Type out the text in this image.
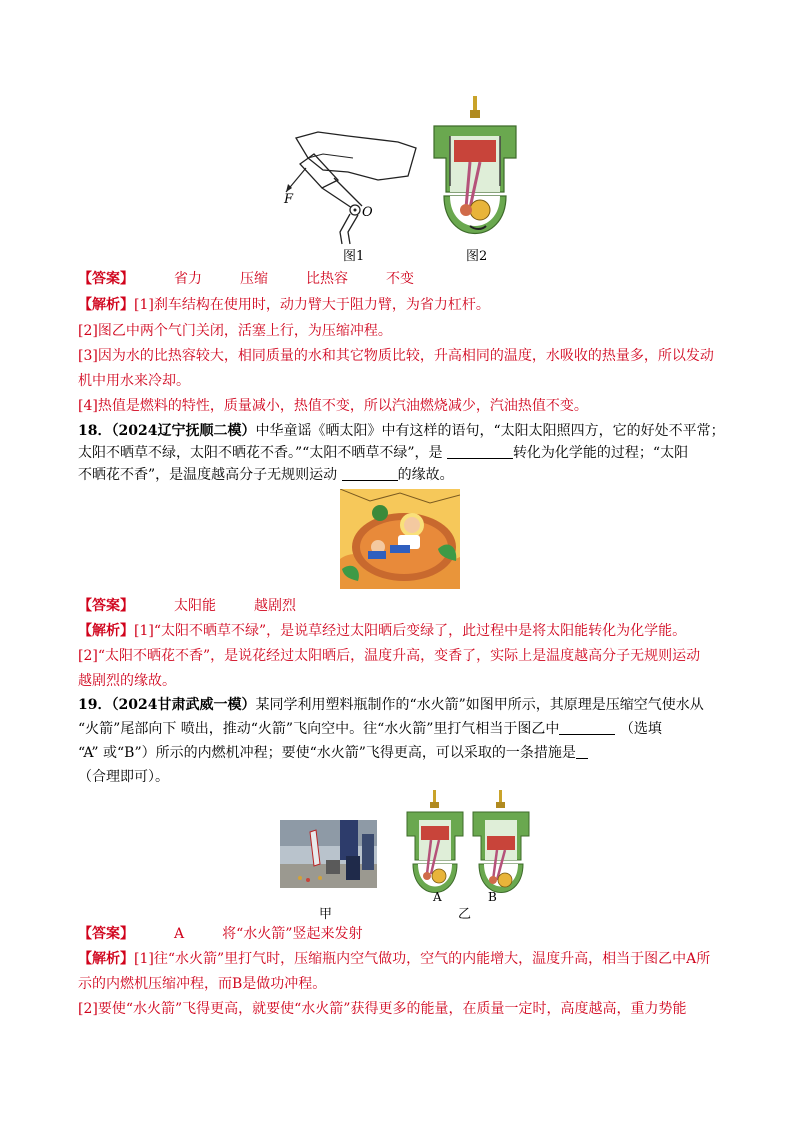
F
O
图1	图2
【答案】	省力	压缩	比热容	不变
【解析】[1]刹车结构在使用时，动力臂大于阻力臂，为省力杠杆。
[2]图乙中两个气门关闭，活塞上行，为压缩冲程。
[3]因为水的比热容较大，相同质量的水和其它物质比较，升高相同的温度，水吸收的热量多，所以发动
机中用水来冷却。
[4]热值是燃料的特性，质量减小，热值不变，所以汽油燃烧减少，汽油热值不变。
18．（2024辽宁抚顺二模）中华童谣《晒太阳》中有这样的语句，“太阳太阳照四方，它的好处不平常；
太阳不晒草不绿，太阳不晒花不香。”“太阳不晒草不绿”，是	转化为化学能的过程；“太阳
不晒花不香”，是温度越高分子无规则运动	的缘故。
【答案】	太阳能	越剧烈
【解析】[1]“太阳不晒草不绿”，是说草经过太阳晒后变绿了，此过程中是将太阳能转化为化学能。
[2]“太阳不晒花不香”，是说花经过太阳晒后，温度升高，变香了，实际上是温度越高分子无规则运动
越剧烈的缘故。
19．（2024甘肃武威一模）某同学利用塑料瓶制作的“水火箭”如图甲所示，其原理是压缩空气使水从
“火箭”尾部向下 喷出，推动“火箭”飞向空中。往“水火箭”里打气相当于图乙中	（选填
“A” 或“B”）所示的内燃机冲程；要使“水火箭”飞得更高，可以采取的一条措施是
（合理即可）。
甲
A	B
乙
【答案】	A	将“水火箭”竖起来发射
【解析】[1]往“水火箭”里打气时，压缩瓶内空气做功，空气的内能增大，温度升高，相当于图乙中A所
示的内燃机压缩冲程，而B是做功冲程。
[2]要使“水火箭”飞得更高，就要使“水火箭”获得更多的能量，在质量一定时，高度越高，重力势能
